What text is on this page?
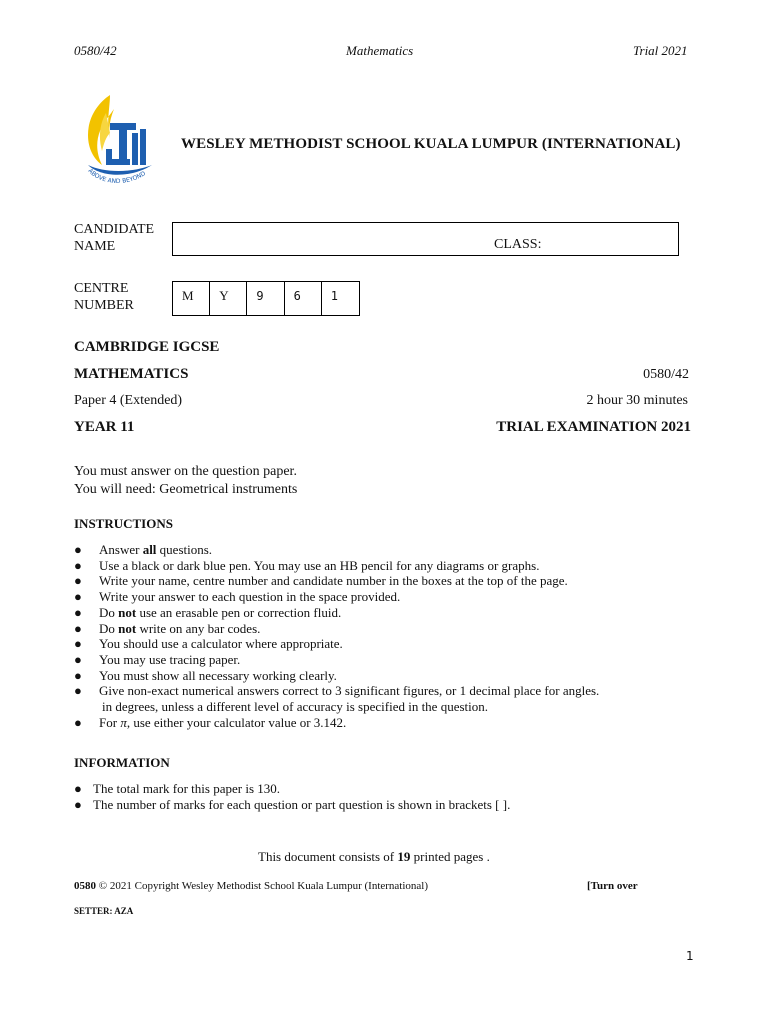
0580/42	Mathematics	Trial 2021
ABOVE AND BEYOND
WESLEY METHODIST SCHOOL KUALA LUMPUR (INTERNATIONAL)
CANDIDATE
NAME	CLASS:
CENTRE
NUMBER
M	Y	9	6	1
CAMBRIDGE IGCSE
MATHEMATICS	0580/42
Paper 4 (Extended)	2 hour 30 minutes
YEAR 11	TRIAL EXAMINATION 2021
You must answer on the question paper.
You will need: Geometrical instruments
INSTRUCTIONS
● Answer all questions.
● Use a black or dark blue pen. You may use an HB pencil for any diagrams or graphs.
● Write your name, centre number and candidate number in the boxes at the top of the page.
● Write your answer to each question in the space provided.
● Do not use an erasable pen or correction fluid.
● Do not write on any bar codes.
● You should use a calculator where appropriate.
● You may use tracing paper.
● You must show all necessary working clearly.
● Give non-exact numerical answers correct to 3 significant figures, or 1 decimal place for angles.
in degrees, unless a different level of accuracy is specified in the question.
● For π, use either your calculator value or 3.142.
INFORMATION
● The total mark for this paper is 130.
● The number of marks for each question or part question is shown in brackets [ ].
This document consists of 19 printed pages .
0580 © 2021 Copyright Wesley Methodist School Kuala Lumpur (International)	[Turn over
SETTER: AZA
1
